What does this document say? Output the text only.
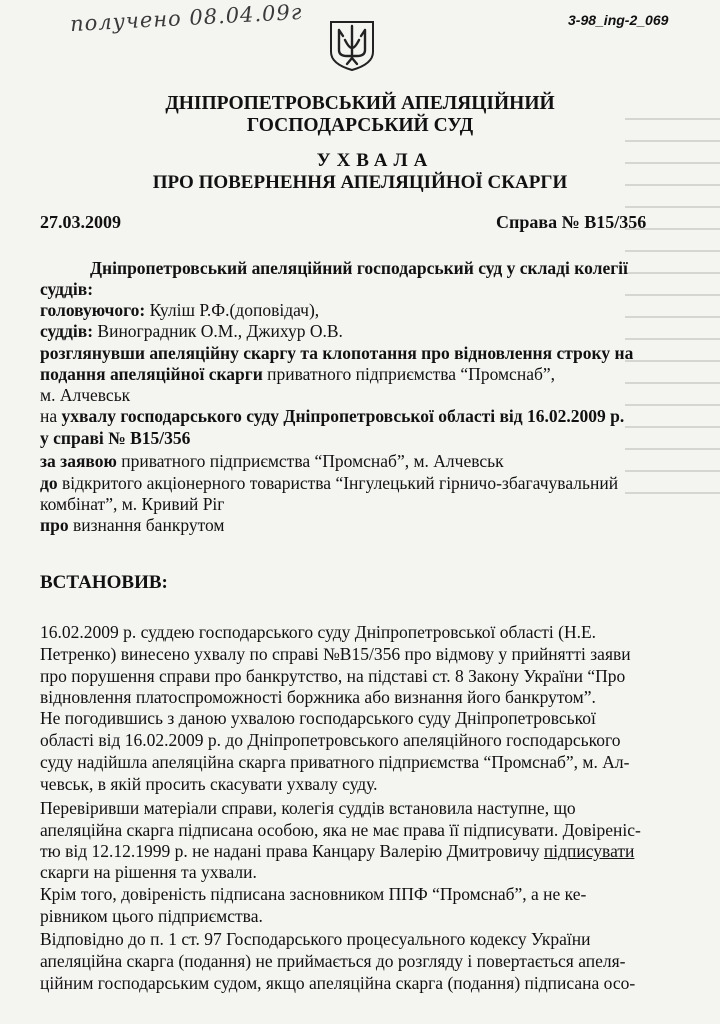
получено 08.04.09г	3-98_ing-2_069
ДНІПРОПЕТРОВСЬКИЙ АПЕЛЯЦІЙНИЙ
ГОСПОДАРСЬКИЙ СУД
УХВАЛА
ПРО ПОВЕРНЕННЯ АПЕЛЯЦІЙНОЇ СКАРГИ
27.03.2009	Справа № В15/356
Дніпропетровський апеляційний господарський суд у складі колегії
суддів:
головуючого: Куліш Р.Ф.(доповідач),
суддів: Виноградник О.М., Джихур О.В.
розглянувши апеляційну скаргу та клопотання про відновлення строку на
подання апеляційної скарги приватного підприємства “Промснаб”,
м. Алчевськ
на ухвалу господарського суду Дніпропетровської області від 16.02.2009 р.
у справі № В15/356
за заявою приватного підприємства “Промснаб”, м. Алчевськ
до відкритого акціонерного товариства “Інгулецький гірничо-збагачувальний
комбінат”, м. Кривий Ріг
про визнання банкрутом
ВСТАНОВИВ:
16.02.2009 р. суддею господарського суду Дніпропетровської області (Н.Е.
Петренко) винесено ухвалу по справі №В15/356 про відмову у прийнятті заяви
про порушення справи про банкрутство, на підставі ст. 8 Закону України “Про
відновлення платоспроможності боржника або визнання його банкрутом”.
Не погодившись з даною ухвалою господарського суду Дніпропетровської
області від 16.02.2009 р. до Дніпропетровського апеляційного господарського
суду надійшла апеляційна скарга приватного підприємства “Промснаб”, м. Ал-
чевськ, в якій просить скасувати ухвалу суду.
Перевіривши матеріали справи, колегія суддів встановила наступне, що
апеляційна скарга підписана особою, яка не має права її підписувати. Довіреніс-
тю від 12.12.1999 р. не надані права Канцару Валерію Дмитровичу підписувати
скарги на рішення та ухвали.
Крім того, довіреність підписана засновником ППФ “Промснаб”, а не ке-
рівником цього підприємства.
Відповідно до п. 1 ст. 97 Господарського процесуального кодексу України
апеляційна скарга (подання) не приймається до розгляду і повертається апеля-
ційним господарським судом, якщо апеляційна скарга (подання) підписана осо-
